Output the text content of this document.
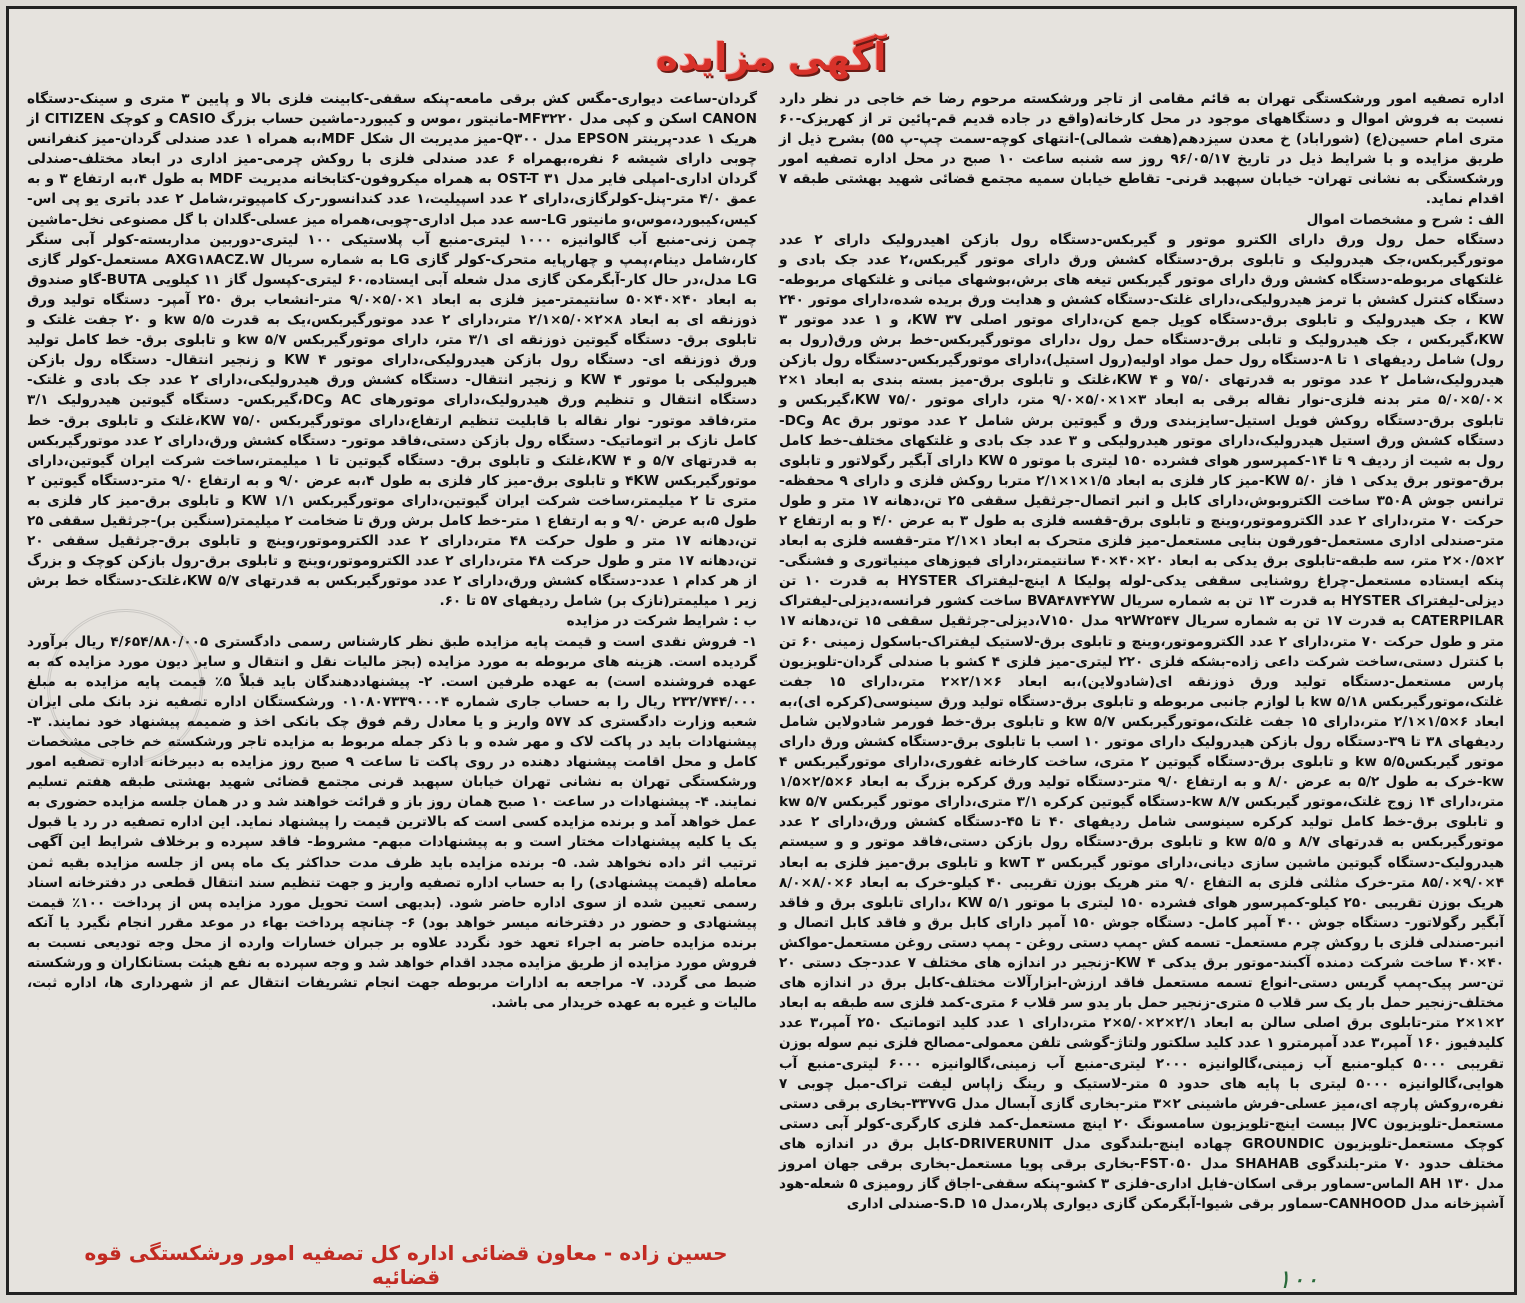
آگهی مزایده

اداره تصفیه امور ورشکستگی تهران به قائم مقامی از تاجر ورشکسته مرحوم رضا خم خاجی در نظر دارد نسبت به فروش اموال و دستگاههای موجود در محل کارخانه(واقع در جاده قدیم قم-پائین تر از کهریزک-۶۰ متری امام حسین(ع) (شوراباد) خ معدن سیزدهم(هفت شمالی)-انتهای کوچه-سمت چپ-پ ۵۵) بشرح ذیل از طریق مزایده و با شرایط ذیل در تاریخ ۹۶/۰۵/۱۷ روز سه شنبه ساعت ۱۰ صبح در محل اداره تصفیه امور ورشکستگی به نشانی تهران- خیابان سپهبد قرنی- تقاطع خیابان سمیه مجتمع قضائی شهید بهشتی طبقه ۷ اقدام نماید.

الف : شرح و مشخصات اموال

دستگاه حمل رول ورق دارای الکترو موتور و گیربکس-دستگاه رول بازکن اهیدرولیک دارای ۲ عدد موتورگیربکس،جک هیدرولیک و تابلوی برق-دستگاه کشش ورق دارای موتور گیربکس،۲ عدد جک بادی و غلتکهای مربوطه-دستگاه کشش ورق دارای موتور گیربکس تیغه های برش،بوشهای میانی و غلتکهای مربوطه-دستگاه کنترل کشش با ترمز هیدرولیکی،دارای غلتک-دستگاه کشش و هدایت ورق بریده شده،دارای موتور ۲۴۰ KW ، جک هیدرولیک و تابلوی برق-دستگاه کویل جمع کن،دارای موتور اصلی ۳۷ KW، و ۱ عدد موتور ۳ KW،گیربکس ، جک هیدرولیک و تابلی برق-دستگاه حمل رول ،دارای موتورگیربکس-خط برش ورق(رول به رول) شامل ردیفهای ۱ تا ۸-دستگاه رول حمل مواد اولیه(رول استیل)،دارای موتورگیربکس-دستگاه رول بازکن هیدرولیک،شامل ۲ عدد موتور به قدرتهای ۷۵/۰ و ۴ KW،غلتک و تابلوی برق-میز بسته بندی به ابعاد ۱×۲ ×۵/۰×۵/۰ متر بدنه فلزی-نوار نقاله برقی به ابعاد ۳×۱×۵/۰×۹/۰ متر، دارای موتور ۷۵/۰ KW،گیربکس و تابلوی برق-دستگاه روکش فویل استیل-سایزبندی ورق و گیوتین برش شامل ۲ عدد موتور برق Ac وDC-دستگاه کشش ورق استیل هیدرولیک،دارای موتور هیدرولیکی و ۳ عدد جک بادی و غلتکهای مختلف-خط کامل رول به شیت از ردیف ۹ تا ۱۴-کمپرسور هوای فشرده ۱۵۰ لیتری با موتور ۵ KW دارای آبگیر رگولاتور و تابلوی برق-موتور برق یدکی ۱ فاز KW ۵/۰-میز کار فلزی به ابعاد ۱/۵×۱×۲/۱ متربا روکش فلزی و دارای ۹ محفظه-ترانس جوش ۳۵۰A ساخت الکتروبوش،دارای کابل و انبر اتصال-جرثقیل سقفی ۲۵ تن،دهانه ۱۷ متر و طول حرکت ۷۰ متر،دارای ۲ عدد الکتروموتور،وینچ و تابلوی برق-قفسه فلزی به طول ۳ به عرض ۴/۰ و به ارتفاع ۲ متر-صندلی اداری مستعمل-فورقون بنایی مستعمل-میز فلزی متحرک به ابعاد ۱×۲/۱ متر-قفسه فلزی به ابعاد ۲×۰/۵×۲ متر، سه طبقه-تابلوی برق یدکی به ابعاد ۲۰×۴۰×۴۰ سانتیمتر،دارای فیوزهای مینیاتوری و فشنگی-پنکه ایستاده مستعمل-چراغ روشنایی سقفی یدکی-لوله پولیکا ۸ اینچ-لیفتراک HYSTER به قدرت ۱۰ تن دیزلی-لیفتراک HYSTER به قدرت ۱۳ تن به شماره سریال BVA۴۸۷۴YW ساخت کشور فرانسه،دیزلی-لیفتراک CATERPILAR به قدرت ۱۷ تن به شماره سریال ۹۲W۲۵۴۷ مدل V۱۵۰،دیزلی-جرثقیل سقفی ۱۵ تن،دهانه ۱۷ متر و طول حرکت ۷۰ متر،دارای ۲ عدد الکتروموتور،وینچ و تابلوی برق-لاستیک لیفتراک-باسکول زمینی ۶۰ تن با کنترل دستی،ساخت شرکت داعی زاده-بشکه فلزی ۲۲۰ لیتری-میز فلزی ۴ کشو با صندلی گردان-تلویزیون پارس مستعمل-دستگاه تولید ورق ذوزنقه ای(شادولاین)،به ابعاد ۶×۲/۱×۲ متر،دارای ۱۵ جفت غلتک،موتورگیربکس ۵/۱۸ kw با لوازم جانبی مربوطه و تابلوی برق-دستگاه تولید ورق سینوسی(کرکره ای)،به ابعاد ۶×۱/۵×۲/۱ متر،دارای ۱۵ جفت غلتک،موتورگیربکس ۵/۷ kw و تابلوی برق-خط فورمر شادولاین شامل ردیفهای ۳۸ تا ۳۹-دستگاه رول بازکن هیدرولیک دارای موتور ۱۰ اسب با تابلوی برق-دستگاه کشش ورق دارای موتور گیربکس۵/۵ kw و تابلوی برق-دستگاه گیوتین ۲ متری، ساخت کارخانه غفوری،دارای موتورگیربکس ۴ kw-خرک به طول ۵/۲ به عرض ۸/۰ و به ارتفاع ۹/۰ متر-دستگاه تولید ورق کرکره بزرگ به ابعاد ۶×۲/۵×۱/۵ متر،دارای ۱۴ زوج غلتک،موتور گیربکس ۸/۷ kw-دستگاه گیوتین کرکره ۳/۱ متری،دارای موتور گیربکس ۵/۷ kw و تابلوی برق-خط کامل تولید کرکره سینوسی شامل ردیفهای ۴۰ تا ۴۵-دستگاه کشش ورق،دارای ۲ عدد موتورگیربکس به قدرتهای ۸/۷ و ۵/۵ kw و تابلوی برق-دستگاه رول بازکن دستی،فاقد موتور و و سیستم هیدرولیک-دستگاه گیوتین ماشین سازی دیانی،دارای موتور گیربکس ۳ kwT و تابلوی برق-میز فلزی به ابعاد ۴×۹/۰×۸۵/۰ متر-خرک مثلثی فلزی به التفاع ۹/۰ متر هریک بوزن تقریبی ۴۰ کیلو-خرک به ابعاد ۶×۸/۰×۸/۰ هریک بوزن تقریبی ۲۵۰ کیلو-کمپرسور هوای فشرده ۱۵۰ لیتری با موتور ۵/۱ KW ،دارای تابلوی برق و فاقد آبگیر رگولاتور- دستگاه جوش ۴۰۰ آمپر کامل- دستگاه جوش ۱۵۰ آمپر دارای کابل برق و فاقد کابل اتصال و انبر-صندلی فلزی با روکش چرم مستعمل- تسمه کش -پمپ دستی روغن - پمپ دستی روغن مستعمل-مواکش ۴۰×۴۰ ساخت شرکت دمنده آکبند-موتور برق یدکی ۴ KW-زنجیر در اندازه های مختلف ۷ عدد-جک دستی ۲۰ تن-سر پیک-پمپ گریس دستی-انواع تسمه مستعمل فاقد ارزش-ابزارآلات مختلف-کابل برق در اندازه های مختلف-زنجیر حمل بار یک سر قلاب ۵ متری-زنجیر حمل بار یدو سر قلاب ۶ متری-کمد فلزی سه طبقه به ابعاد ۲×۱×۲ متر-تابلوی برق اصلی سالن به ابعاد ۲/۱×۲×۵/۰×۲ متر،دارای ۱ عدد کلید اتوماتیک ۲۵۰ آمپر،۳ عدد کلیدفیوز ۱۶۰ آمپر،۳ عدد آمپرمترو ۱ عدد کلید سلکتور ولتاژ-گوشی تلفن معمولی-مصالح فلزی نیم سوله بوزن تقریبی ۵۰۰۰ کیلو-منبع آب زمینی،گالوانیزه ۲۰۰۰ لیتری-منبع آب زمینی،گالوانیزه ۶۰۰۰ لیتری-منبع آب هوایی،گالوانیزه ۵۰۰۰ لیتری با پایه های حدود ۵ متر-لاستیک و رینگ زاپاس لیفت تراک-مبل چوبی ۷ نفره،روکش پارچه ای،میز عسلی-فرش ماشینی ۲×۳ متر-بخاری گازی آبسال مدل ۳۳۷vG-بخاری برقی دستی مستعمل-تلویزیون JVC بیست اینچ-تلویزیون سامسونگ ۲۰ اینچ مستعمل-کمد فلزی کارگری-کولر آبی دستی کوچک مستعمل-تلویزیون GROUNDIC چهاده اینچ-بلندگوی مدل DRIVERUNIT-کابل برق در اندازه های مختلف حدود ۷۰ متر-بلندگوی SHAHAB مدل FST۰۵۰-بخاری برقی پویا مستعمل-بخاری برقی جهان امروز مدل AH ۱۳۰ الماس-سماور برقی اسکان-فایل اداری-فلزی ۳ کشو-پنکه سقفی-اجاق گاز رومیزی ۵ شعله-هود آشپزخانه مدل CANHOOD-سماور برقی شیوا-آبگرمکن گازی دیواری پلار،مدل S.D ۱۵-صندلی اداری

گردان-ساعت دیواری-مگس کش برقی مامعه-پنکه سقفی-کابینت فلزی بالا و پایین ۳ متری و سینک-دستگاه CANON اسکن و کپی مدل MF۳۲۲۰-مانیتور ،موس و کیبورد-ماشین حساب بزرگ CASIO و کوچک CITIZEN از هریک ۱ عدد-پرینتر EPSON مدل Q۳۰۰-میز مدیریت ال شکل MDF،به همراه ۱ عدد صندلی گردان-میز کنفرانس چوبی دارای شیشه ۶ نفره،بهمراه ۶ عدد صندلی فلزی با روکش چرمی-میز اداری در ابعاد مختلف-صندلی گردان اداری-امپلی فایر مدل OST-T ۳۱ به همراه میکروفون-کتابخانه مدیریت MDF به طول ۴،به ارتفاع ۳ و به عمق ۴/۰ متر-پنل-کولرگازی،دارای ۲ عدد اسپیلیت،۱ عدد کندانسور-رک کامپیوتر،شامل ۲ عدد باتری یو پی اس-کیس،کیبورد،موس،و مانیتور LG-سه عدد مبل اداری-چوبی،همراه میز عسلی-گلدان با گل مصنوعی نخل-ماشین چمن زنی-منبع آب گالوانیزه ۱۰۰۰ لیتری-منبع آب پلاستیکی ۱۰۰ لیتری-دوربین مداربسته-کولر آبی سنگر کار،شامل دینام،پمپ و چهارپایه متحرک-کولر گازی LG به شماره سریال AXG۱۸ACZ.W مستعمل-کولر گازی LG مدل،در حال کار-آبگرمکن گازی مدل شعله آبی ایستاده،۶۰ لیتری-کپسول گاز ۱۱ کیلویی BUTA-گاو صندوق به ابعاد ۴۰×۴۰×۵۰ سانتیمتر-میز فلزی به ابعاد ۱×۵/۰×۹/۰ متر-انشعاب برق ۲۵۰ آمپر- دستگاه تولید ورق ذوزنقه ای به ابعاد ۸×۲×۵/۰×۲/۱ متر،دارای ۲ عدد موتورگیربکس،یک به قدرت kw ۵/۵ و ۲۰ جفت غلتک و تابلوی برق- دستگاه گیوتین ذوزنقه ای ۳/۱ متر، دارای موتورگیربکس kw ۵/۷ و تابلوی برق- خط کامل تولید ورق ذوزنقه ای- دستگاه رول بازکن هیدرولیکی،دارای موتور KW ۴ و زنجیر انتقال- دستگاه رول بازکن هیرولیکی با موتور ۴ KW و زنجیر انتقال- دستگاه کشش ورق هیدرولیکی،دارای ۲ عدد جک بادی و غلتک- دستگاه انتقال و تنظیم ورق هیدرولیک،دارای موتورهای AC وDC،گیربکس- دستگاه گیوتین هیدرولیک ۳/۱ متر،فاقد موتور- نوار نقاله با قابلیت تنظیم ارتفاع،دارای موتورگیربکس ۷۵/۰ KW،غلتک و تابلوی برق- خط کامل نازک بر اتوماتیک- دستگاه رول بازکن دستی،فاقد موتور- دستگاه کشش ورق،دارای ۲ عدد موتورگیربکس به قدرتهای ۵/۷ و ۴ KW،غلتک و تابلوی برق- دستگاه گیوتین تا ۱ میلیمتر،ساخت شرکت ایران گیوتین،دارای موتورگیربکس ۴KW و تابلوی برق-میز کار فلزی به طول ۴،به عرض ۹/۰ و به ارتفاع ۹/۰ متر-دستگاه گیوتین ۲ متری تا ۲ میلیمتر،ساخت شرکت ایران گیوتین،دارای موتورگیربکس ۱/۱ KW و تابلوی برق-میز کار فلزی به طول ۵،به عرض ۹/۰ و به ارتفاع ۱ متر-خط کامل برش ورق تا ضخامت ۲ میلیمتر(سنگین بر)-جرثقیل سقفی ۲۵ تن،دهانه ۱۷ متر و طول حرکت ۴۸ متر،دارای ۲ عدد الکتروموتور،وینچ و تابلوی برق-جرثقیل سقفی ۲۰ تن،دهانه ۱۷ متر و طول حرکت ۴۸ متر،دارای ۲ عدد الکتروموتور،وینچ و تابلوی برق-رول بازکن کوچک و بزرگ از هر کدام ۱ عدد-دستگاه کشش ورق،دارای ۲ عدد موتورگیربکس به قدرتهای ۵/۷ KW،غلتک-دستگاه خط برش زیر ۱ میلیمتر(نازک بر) شامل ردیفهای ۵۷ تا ۶۰.

ب : شرایط شرکت در مزایده

۱- فروش نقدی است و قیمت پایه مزایده طبق نظر کارشناس رسمی دادگستری ۴/۶۵۴/۸۸۰/۰۰۵ ریال برآورد گردیده است. هزینه های مربوطه به مورد مزایده (بجز مالیات نقل و انتقال و سایر دیون مورد مزایده که به عهده فروشنده است) به عهده طرفین است. ۲- پیشنهاددهندگان باید قبلاً ۵٪ قیمت پایه مزایده به مبلغ ۲۳۲/۷۴۴/۰۰۰ ریال را به حساب جاری شماره ۰۱۰۸۰۷۳۳۹۰۰۰۴ ورشکستگان اداره تصفیه نزد بانک ملی ایران شعبه وزارت دادگستری کد ۵۷۷ واریز و یا معادل رقم فوق چک بانکی اخذ و ضمیمه پیشنهاد خود نمایند. ۳- پیشنهادات باید در پاکت لاک و مهر شده و با ذکر جمله مربوط به مزایده تاجر ورشکسته خم خاجی مشخصات کامل و محل اقامت پیشنهاد دهنده در روی پاکت تا ساعت ۹ صبح روز مزایده به دبیرخانه اداره تصفیه امور ورشکستگی تهران به نشانی تهران خیابان سپهبد قرنی مجتمع قضائی شهید بهشتی طبقه هفتم تسلیم نمایند. ۴- پیشنهادات در ساعت ۱۰ صبح همان روز باز و قرائت خواهند شد و در همان جلسه مزایده حضوری به عمل خواهد آمد و برنده مزایده کسی است که بالاترین قیمت را پیشنهاد نماید. این اداره تصفیه در رد یا قبول یک یا کلیه پیشنهادات مختار است و به پیشنهادات مبهم- مشروط- فاقد سپرده و برخلاف شرایط این آگهی ترتیب اثر داده نخواهد شد. ۵- برنده مزایده باید ظرف مدت حداکثر یک ماه پس از جلسه مزایده بقیه ثمن معامله (قیمت پیشنهادی) را به حساب اداره تصفیه واریز و جهت تنظیم سند انتقال قطعی در دفترخانه اسناد رسمی تعیین شده از سوی اداره حاضر شود. (بدیهی است تحویل مورد مزایده پس از پرداخت ۱۰۰٪ قیمت پیشنهادی و حضور در دفترخانه میسر خواهد بود) ۶- چنانچه پرداخت بهاء در موعد مقرر انجام نگیرد یا آنکه برنده مزایده حاضر به اجراء تعهد خود نگردد علاوه بر جبران خسارات وارده از محل وجه تودیعی نسبت به فروش مورد مزایده از طریق مزایده مجدد اقدام خواهد شد و وجه سپرده به نفع هیئت بستانکاران و ورشکسته ضبط می گردد. ۷- مراجعه به ادارات مربوطه جهت انجام تشریفات انتقال عم از شهرداری ها، اداره ثبت، مالیات و غیره به عهده خریدار می باشد.

حسین زاده - معاون قضائی اداره کل تصفیه امور ورشکستگی قوه قضائیه	۱۰۰
